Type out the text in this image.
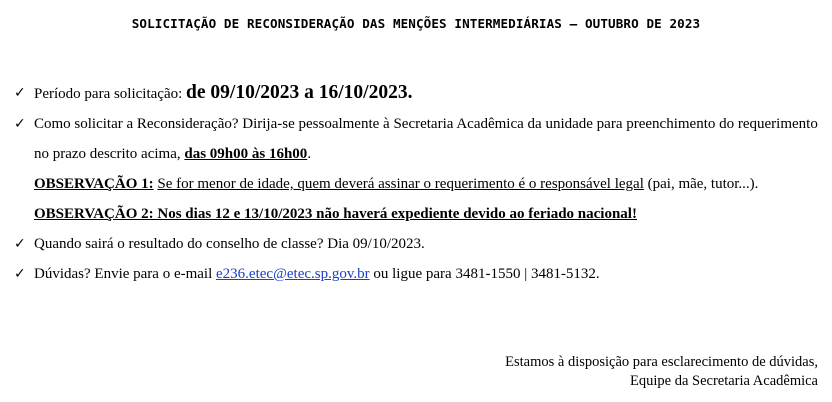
SOLICITAÇÃO DE RECONSIDERAÇÃO DAS MENÇÕES INTERMEDIÁRIAS – OUTUBRO DE 2023
✓ Período para solicitação: de 09/10/2023 a 16/10/2023.
✓ Como solicitar a Reconsideração? Dirija-se pessoalmente à Secretaria Acadêmica da unidade para preenchimento do requerimento no prazo descrito acima, das 09h00 às 16h00.
OBSERVAÇÃO 1: Se for menor de idade, quem deverá assinar o requerimento é o responsável legal (pai, mãe, tutor...).
OBSERVAÇÃO 2: Nos dias 12 e 13/10/2023 não haverá expediente devido ao feriado nacional!
✓ Quando sairá o resultado do conselho de classe? Dia 09/10/2023.
✓ Dúvidas? Envie para o e-mail e236.etec@etec.sp.gov.br ou ligue para 3481-1550 | 3481-5132.
Estamos à disposição para esclarecimento de dúvidas,
Equipe da Secretaria Acadêmica
